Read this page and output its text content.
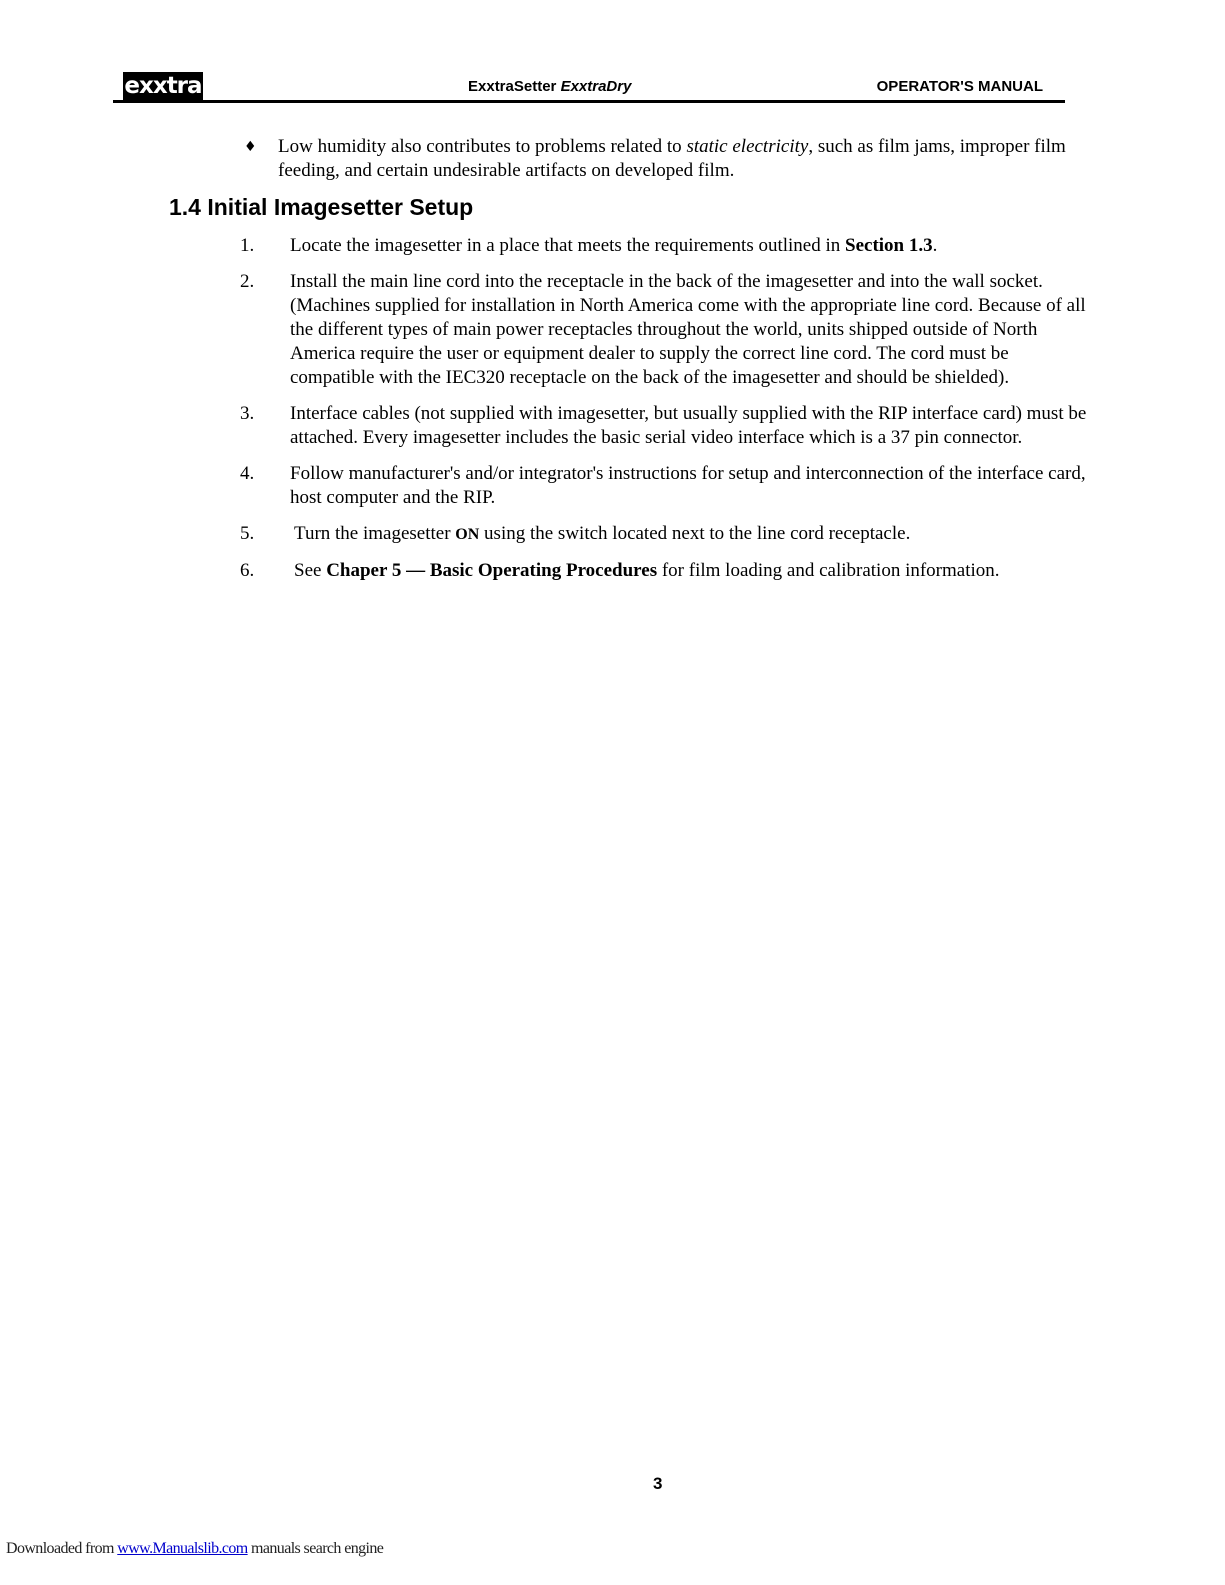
exxtra	ExxtraSetter ExxtraDry	OPERATOR'S MANUAL
♦ Low humidity also contributes to problems related to static electricity, such as film jams, improper film feeding, and certain undesirable artifacts on developed film.
1.4 Initial Imagesetter Setup
1. Locate the imagesetter in a place that meets the requirements outlined in Section 1.3.
2. Install the main line cord into the receptacle in the back of the imagesetter and into the wall socket. (Machines supplied for installation in North America come with the appropriate line cord. Because of all the different types of main power receptacles throughout the world, units shipped outside of North America require the user or equipment dealer to supply the correct line cord. The cord must be compatible with the IEC320 receptacle on the back of the imagesetter and should be shielded).
3. Interface cables (not supplied with imagesetter, but usually supplied with the RIP interface card) must be attached. Every imagesetter includes the basic serial video interface which is a 37 pin connector.
4. Follow manufacturer's and/or integrator's instructions for setup and interconnection of the interface card, host computer and the RIP.
5. Turn the imagesetter ON using the switch located next to the line cord receptacle.
6. See Chaper 5 — Basic Operating Procedures for film loading and calibration information.
3
Downloaded from www.Manualslib.com manuals search engine
